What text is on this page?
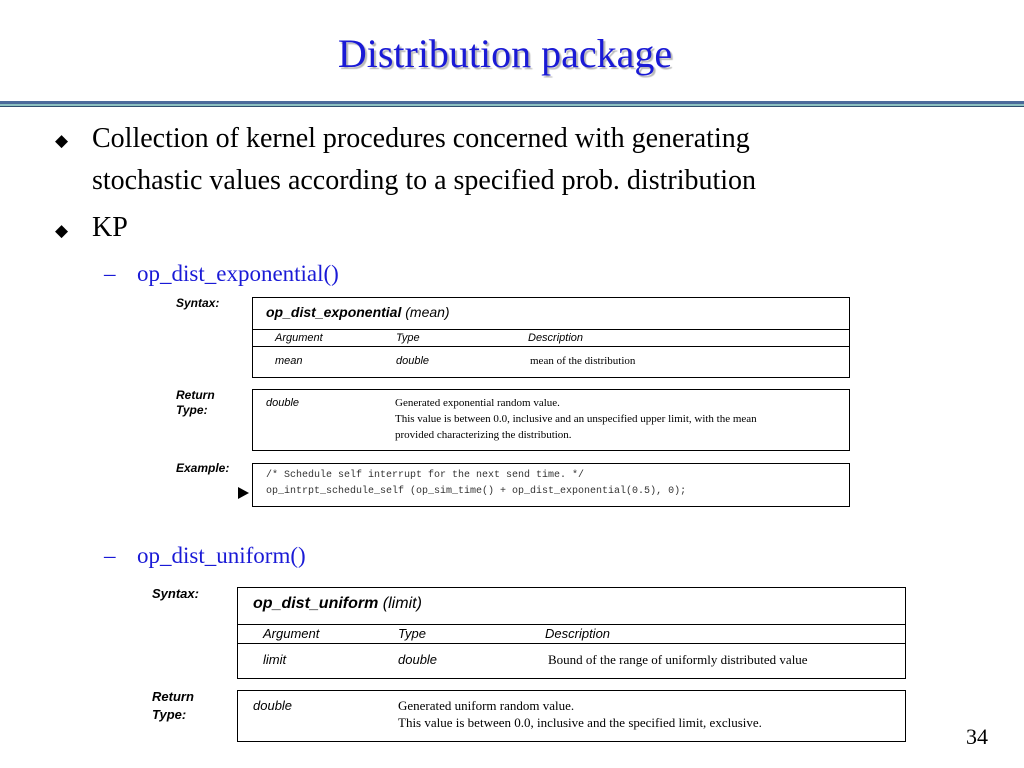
Distribution package
◆ Collection of kernel procedures concerned with generating
stochastic values according to a specified prob. distribution
◆ KP
– op_dist_exponential()
Syntax:
op_dist_exponential (mean)
Argument	Type	Description
mean	double	mean of the distribution
Return
Type:	double	Generated exponential random value.
This value is between 0.0, inclusive and an unspecified upper limit, with the mean
provided characterizing the distribution.
Example:
/* Schedule self interrupt for the next send time. */
op_intrpt_schedule_self (op_sim_time() + op_dist_exponential(0.5), 0);
– op_dist_uniform()
Syntax:
op_dist_uniform (limit)
Argument	Type	Description
limit	double	Bound of the range of uniformly distributed value
Return
Type:
double	Generated uniform random value.
This value is between 0.0, inclusive and the specified limit, exclusive.
34
